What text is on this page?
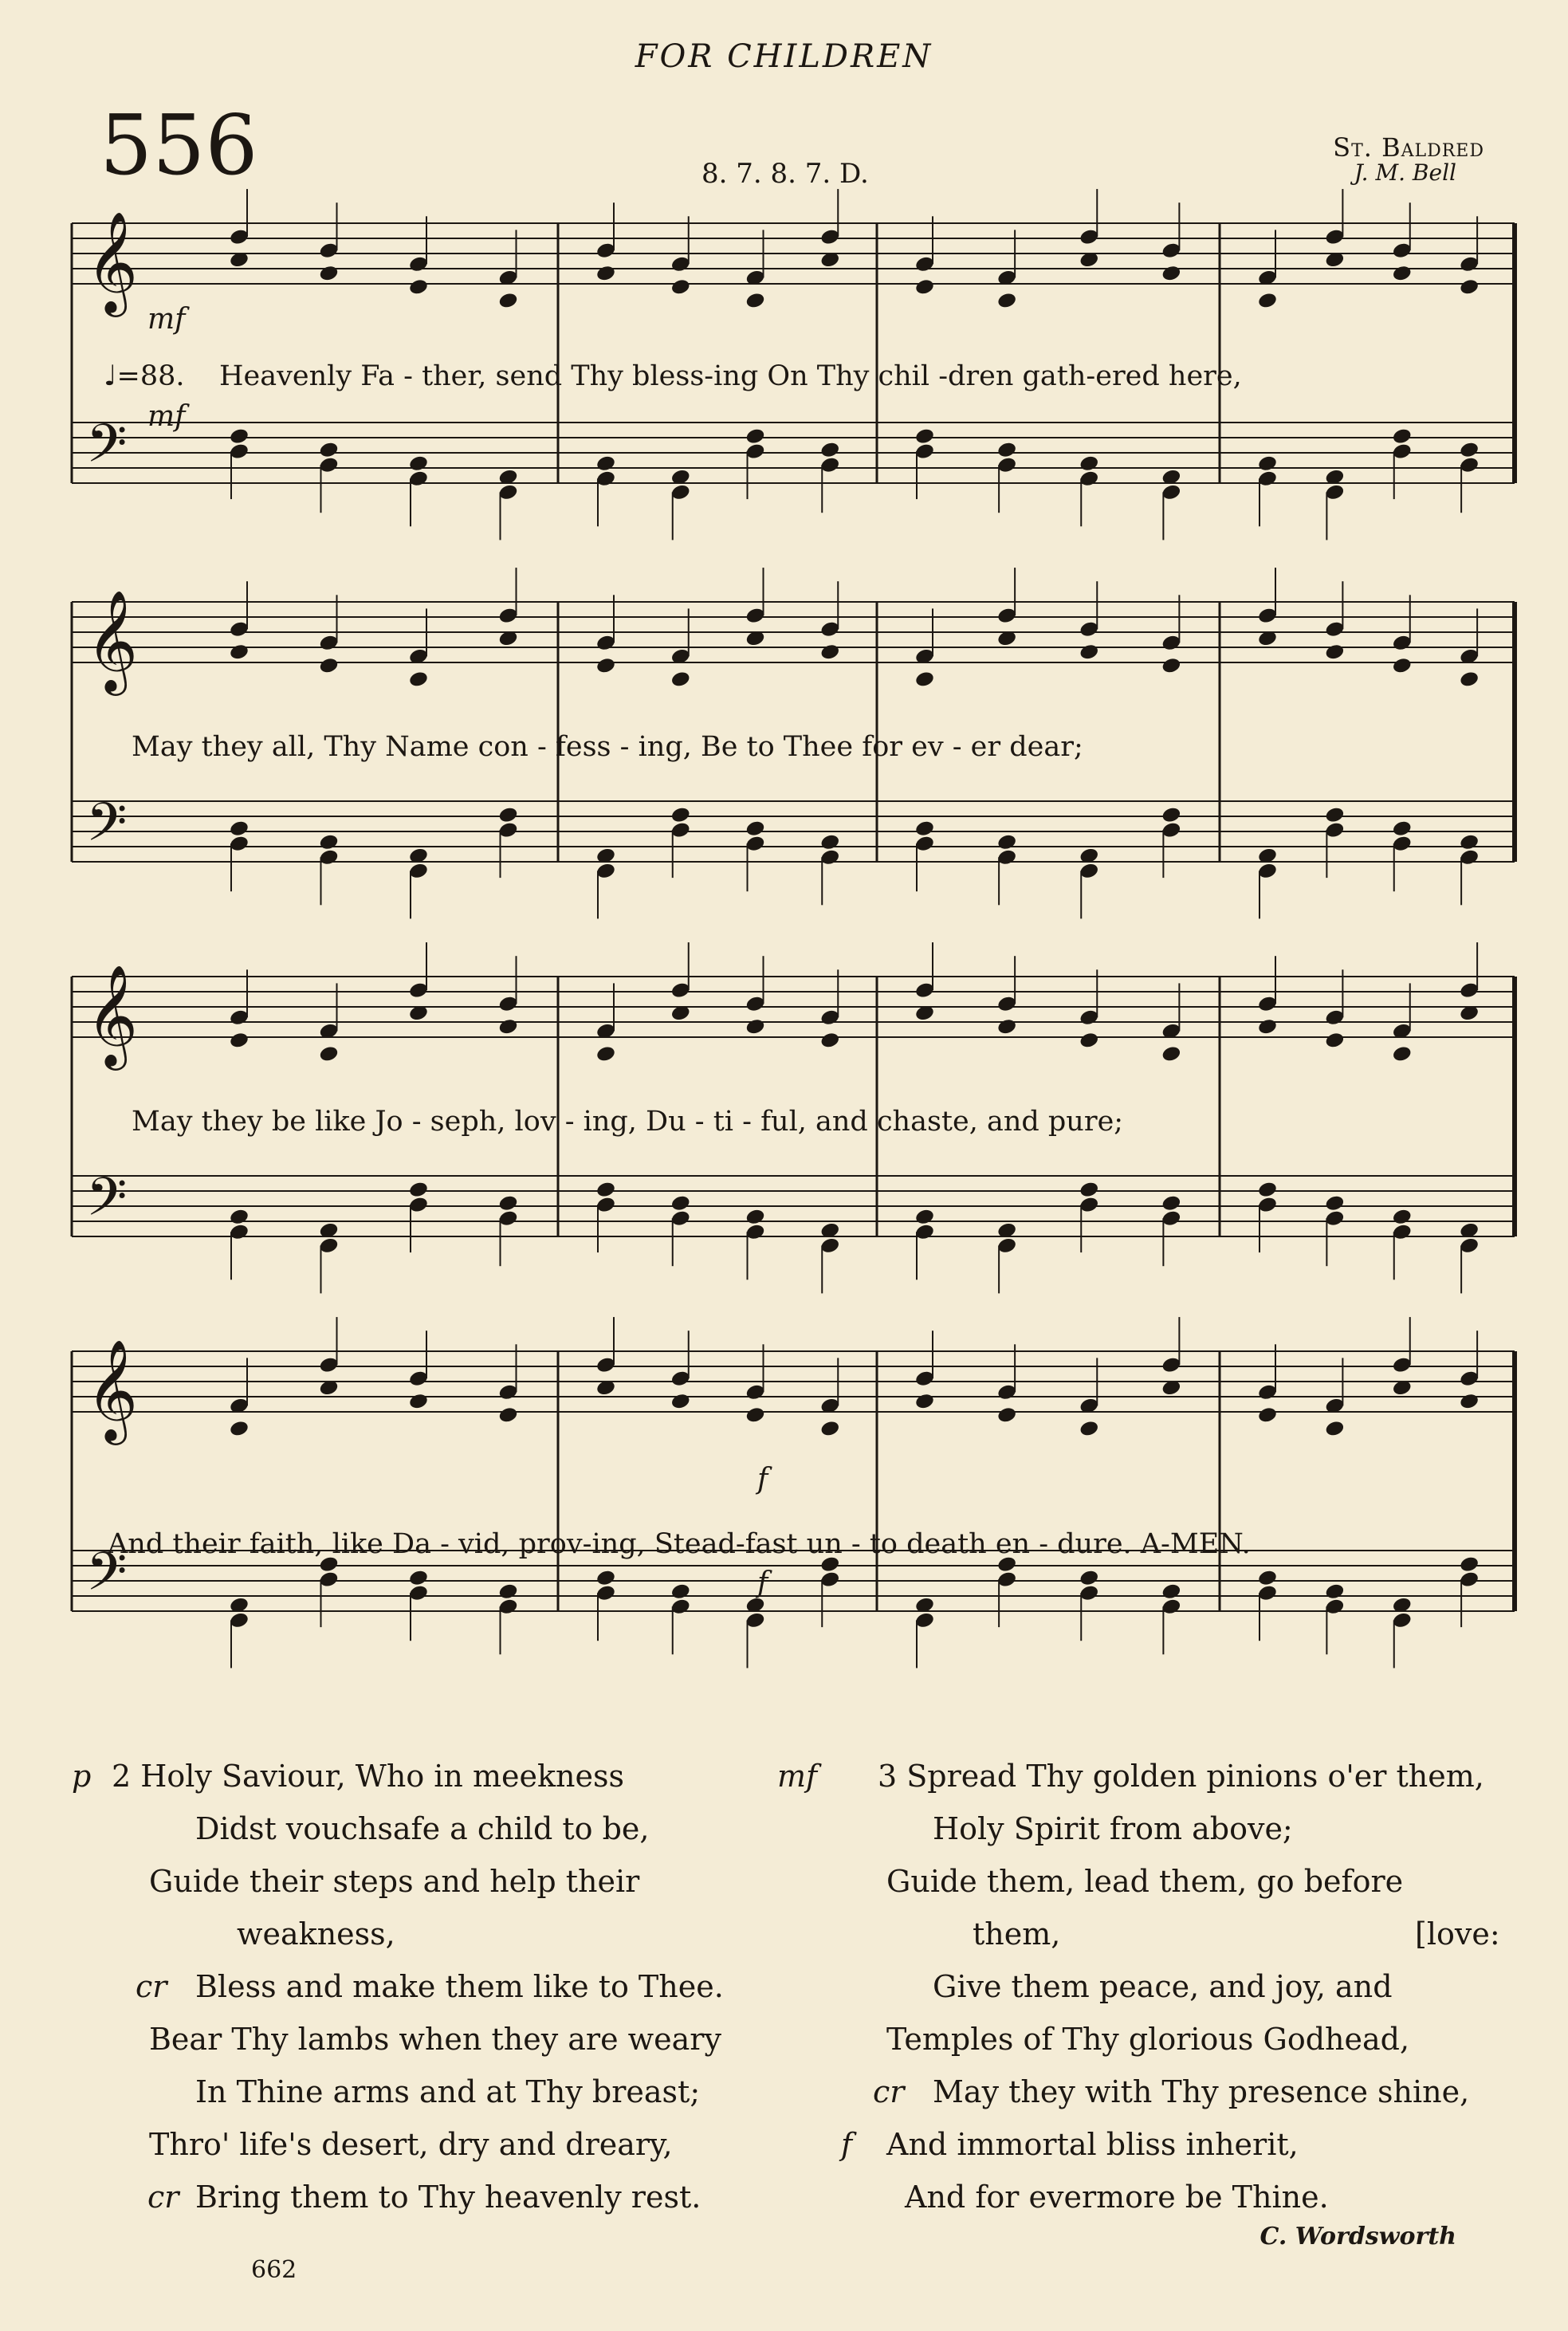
FOR CHILDREN
556	8. 7. 8. 7. D.
St. Baldred
J. M. Bell
𝄞
𝄢
mf
♩=88. Heavenly Fa - ther, send Thy bless-ing On Thy chil -dren gath-ered here,
mf
𝄞
𝄢
May they all, Thy Name con - fess - ing, Be to Thee for ev - er dear;
𝄞
𝄢
May they be like Jo - seph, lov - ing, Du - ti - ful, and chaste, and pure;
𝄞
𝄢
f
And their faith, like Da - vid, prov-ing, Stead-fast un - to death en - dure. A-MEN.
f
p 2 Holy Saviour, Who in meekness
Didst vouchsafe a child to be,
Guide their steps and help their
weakness,
cr Bless and make them like to Thee.
Bear Thy lambs when they are weary
In Thine arms and at Thy breast;
Thro' life's desert, dry and dreary,
cr Bring them to Thy heavenly rest.
mf 3 Spread Thy golden pinions o'er them,
Holy Spirit from above;
Guide them, lead them, go before
them,	[love:
Give them peace, and joy, and
Temples of Thy glorious Godhead,
cr May they with Thy presence shine,
f And immortal bliss inherit,
And for evermore be Thine.
C. Wordsworth
662
